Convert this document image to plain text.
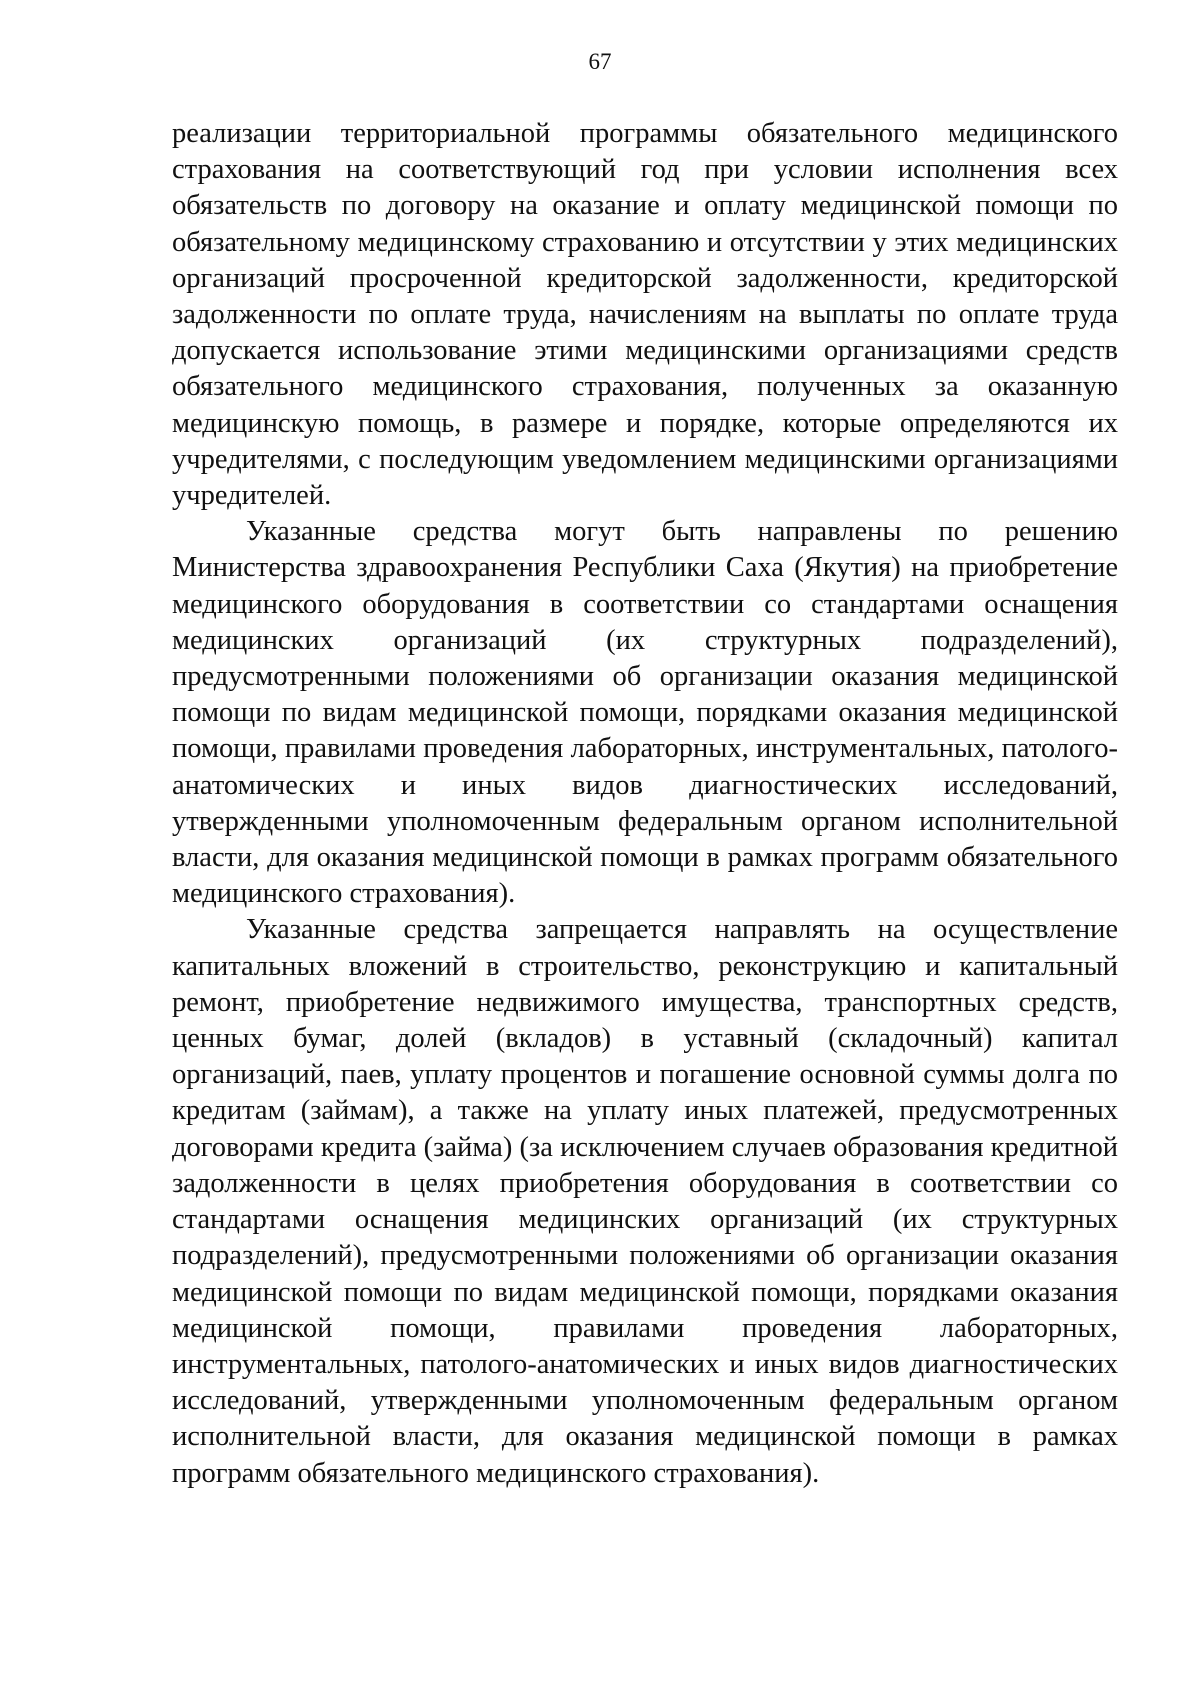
67

реализации территориальной программы обязательного медицинского страхования на соответствующий год при условии исполнения всех обязательств по договору на оказание и оплату медицинской помощи по обязательному медицинскому страхованию и отсутствии у этих медицинских организаций просроченной кредиторской задолженности, кредиторской задолженности по оплате труда, начислениям на выплаты по оплате труда допускается использование этими медицинскими организациями средств обязательного медицинского страхования, полученных за оказанную медицинскую помощь, в размере и порядке, которые определяются их учредителями, с последующим уведомлением медицинскими организациями учредителей.

Указанные средства могут быть направлены по решению Министерства здравоохранения Республики Саха (Якутия) на приобретение медицинского оборудования в соответствии со стандартами оснащения медицинских организаций (их структурных подразделений), предусмотренными положениями об организации оказания медицинской помощи по видам медицинской помощи, порядками оказания медицинской помощи, правилами проведения лабораторных, инструментальных, патолого-анатомических и иных видов диагностических исследований, утвержденными уполномоченным федеральным органом исполнительной власти, для оказания медицинской помощи в рамках программ обязательного медицинского страхования).

Указанные средства запрещается направлять на осуществление капитальных вложений в строительство, реконструкцию и капитальный ремонт, приобретение недвижимого имущества, транспортных средств, ценных бумаг, долей (вкладов) в уставный (складочный) капитал организаций, паев, уплату процентов и погашение основной суммы долга по кредитам (займам), а также на уплату иных платежей, предусмотренных договорами кредита (займа) (за исключением случаев образования кредитной задолженности в целях приобретения оборудования в соответствии со стандартами оснащения медицинских организаций (их структурных подразделений), предусмотренными положениями об организации оказания медицинской помощи по видам медицинской помощи, порядками оказания медицинской помощи, правилами проведения лабораторных, инструментальных, патолого-анатомических и иных видов диагностических исследований, утвержденными уполномоченным федеральным органом исполнительной власти, для оказания медицинской помощи в рамках программ обязательного медицинского страхования).
